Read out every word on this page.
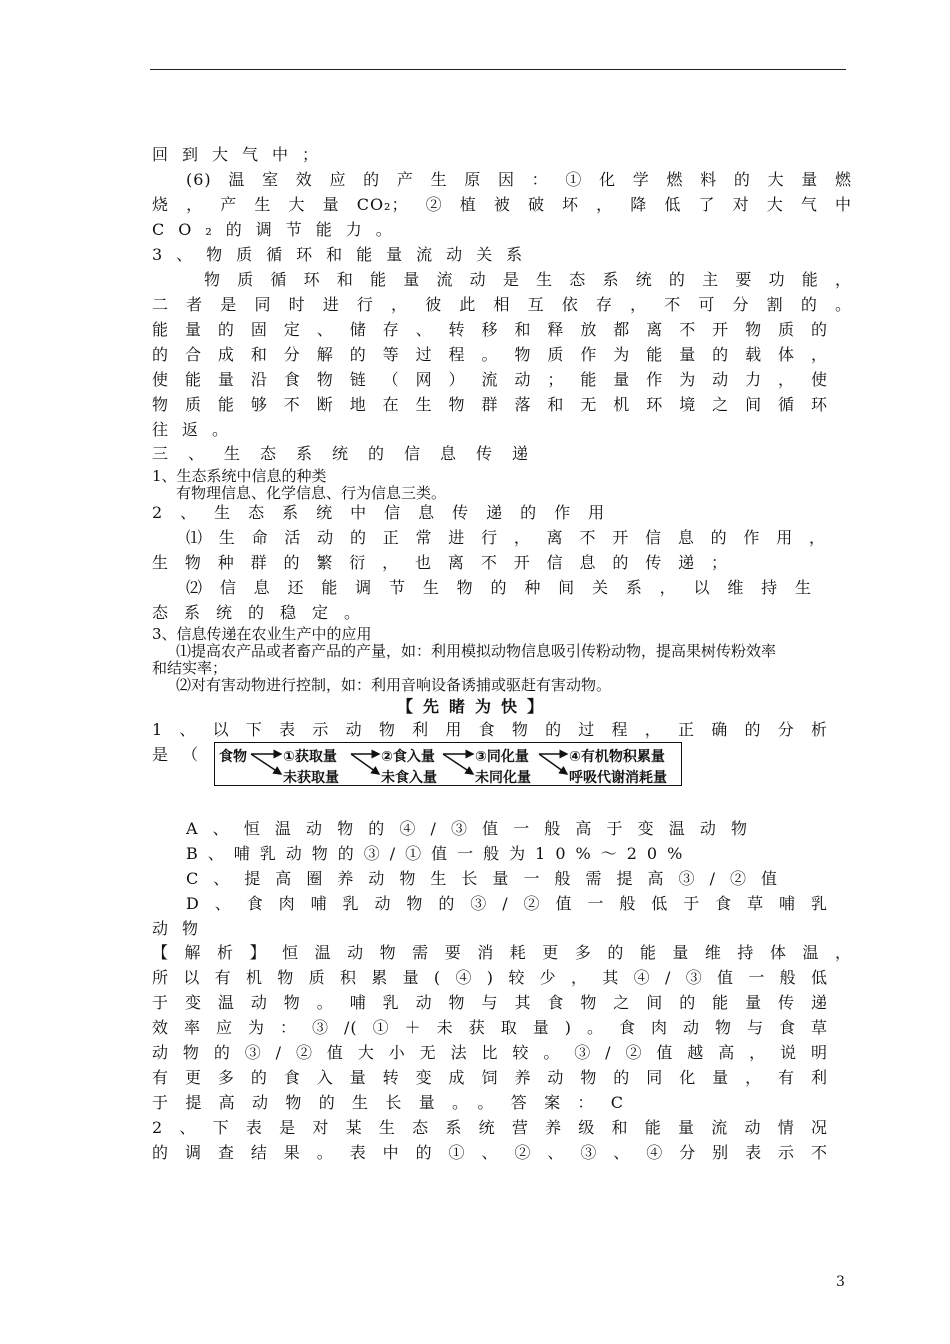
回到大气中；
(6)温室效应的产生原因：①化学燃料的大量燃
烧，产生大量CO₂；②植被破坏，降低了对大气中
CO₂的调节能力。
3、物质循环和能量流动关系
物质循环和能量流动是生态系统的主要功能，
二者是同时进行，彼此相互依存，不可分割的。
能量的固定、储存、转移和释放都离不开物质的
的合成和分解的等过程。物质作为能量的载体，
使能量沿食物链（网）流动；能量作为动力，使
物质能够不断地在生物群落和无机环境之间循环
往返。
三、生态系统的信息传递
1、生态系统中信息的种类
有物理信息、化学信息、行为信息三类。
2、生态系统中信息传递的作用
⑴生命活动的正常进行，离不开信息的作用，
生物种群的繁衍，也离不开信息的传递；
⑵信息还能调节生物的种间关系，以维持生
态系统的稳定。
3、信息传递在农业生产中的应用
⑴提高农产品或者畜产品的产量，如：利用模拟动物信息吸引传粉动物，提高果树传粉效率
和结实率；
⑵对有害动物进行控制，如：利用音响设备诱捕或驱赶有害动物。
【先睹为快】
1、以下表示动物利用食物的过程，正确的分析
是（ 食物	①获取量
未获取量
②食入量
未食入量
③同化量
未同化量
④有机物积累量
呼吸代谢消耗量
A、恒温动物的④/③值一般高于变温动物
B、哺乳动物的③/①值一般为10%～20%
C、提高圈养动物生长量一般需提高③/②值
D、食肉哺乳动物的③/②值一般低于食草哺乳
动物
【解析】恒温动物需要消耗更多的能量维持体温，
所以有机物质积累量(④)较少，其④/③值一般低
于变温动物。哺乳动物与其食物之间的能量传递
效率应为：③/(①＋未获取量)。食肉动物与食草
动物的③/②值大小无法比较。③/②值越高，说明
有更多的食入量转变成饲养动物的同化量，有利
于提高动物的生长量。。答案：C
2、下表是对某生态系统营养级和能量流动情况
的调查结果。表中的①、②、③、④分别表示不
3
